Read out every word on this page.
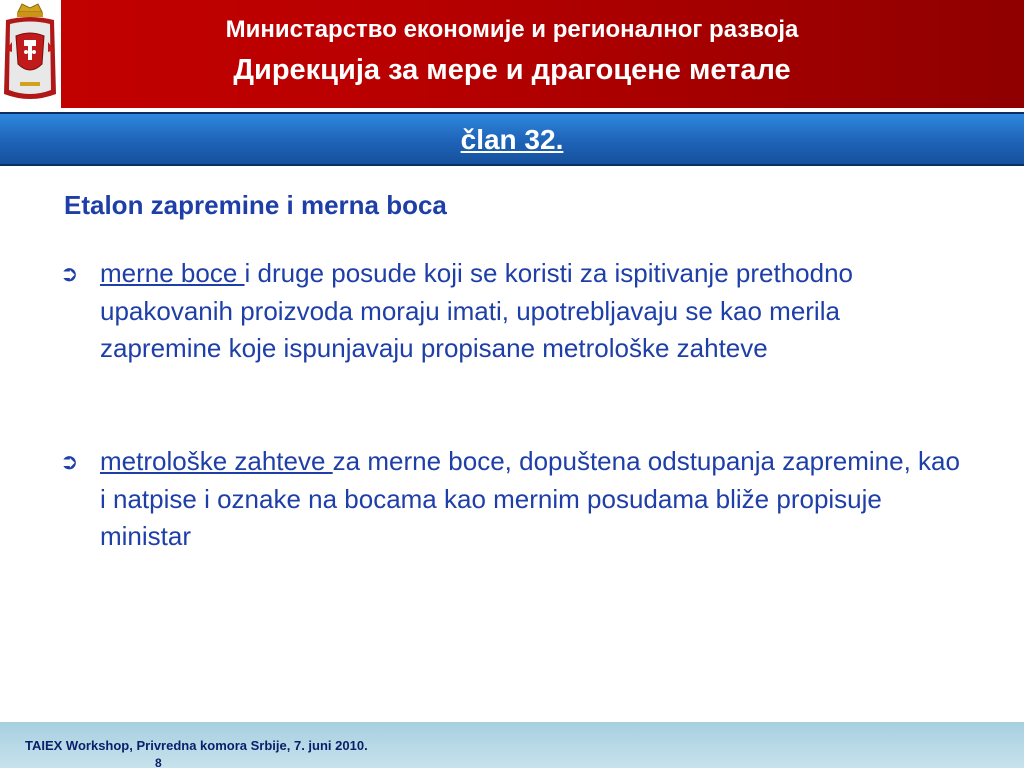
Министарство економије и регионалног развоја
Дирекција за мере и драгоцене метале
član 32.
Etalon zapremine i merna boca
➲ merne boce i druge posude koji se koristi za ispitivanje prethodno upakovanih proizvoda moraju imati, upotrebljavaju se kao merila zapremine koje ispunjavaju propisane metrološke zahteve
➲ metrološke zahteve za merne boce, dopuštena odstupanja zapremine, kao i natpise i oznake na bocama kao mernim posudama bliže propisuje ministar
TAIEX Workshop, Privredna komora Srbije, 7. juni 2010.
8
